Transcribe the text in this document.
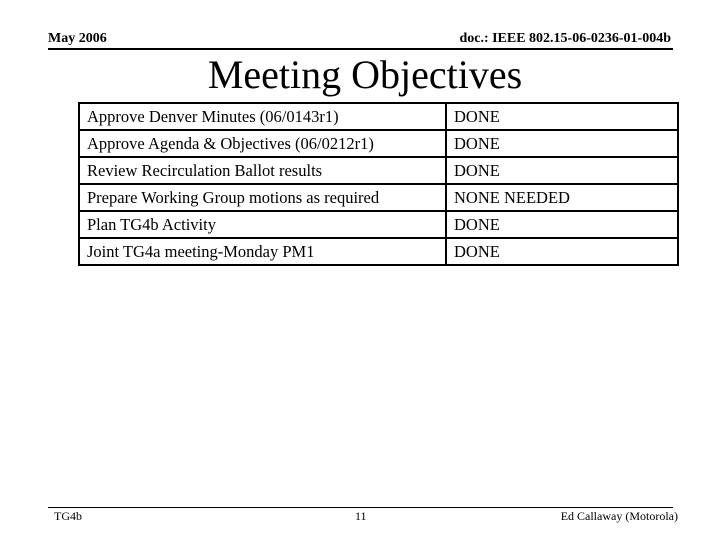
May 2006	doc.: IEEE 802.15-06-0236-01-004b
Meeting Objectives
Approve Denver Minutes (06/0143r1)	DONE
Approve Agenda & Objectives (06/0212r1)	DONE
Review Recirculation Ballot results	DONE
Prepare Working Group motions as required	NONE NEEDED
Plan TG4b Activity	DONE
Joint TG4a meeting-Monday PM1	DONE
TG4b	11	Ed Callaway (Motorola)
